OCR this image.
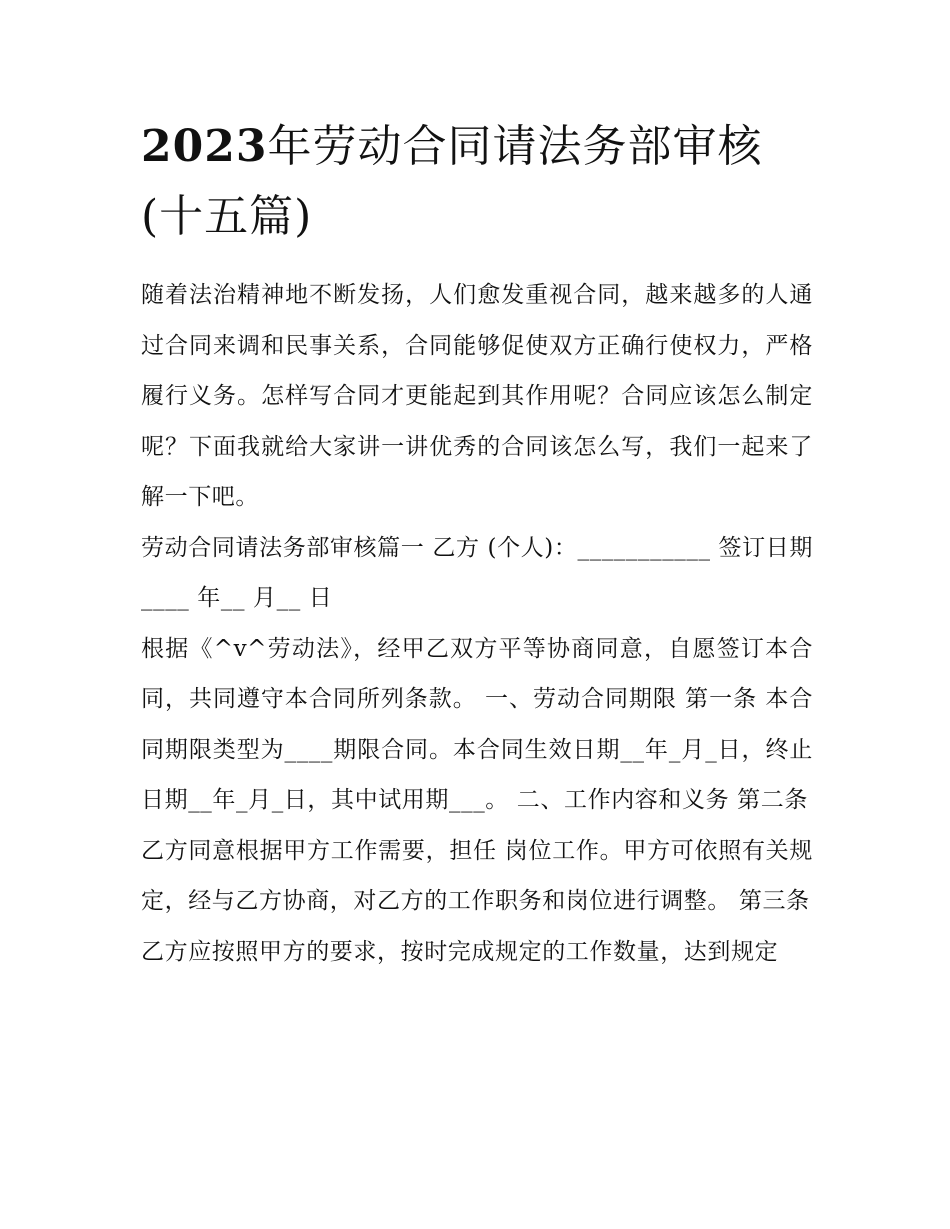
2023年劳动合同请法务部审核(十五篇)

随着法治精神地不断发扬，人们愈发重视合同，越来越多的人通过合同来调和民事关系，合同能够促使双方正确行使权力，严格履行义务。怎样写合同才更能起到其作用呢？合同应该怎么制定呢？下面我就给大家讲一讲优秀的合同该怎么写，我们一起来了解一下吧。

劳动合同请法务部审核篇一 乙方 (个人)：___________ 签订日期____ 年__ 月__ 日

根据《^v^劳动法》，经甲乙双方平等协商同意，自愿签订本合同，共同遵守本合同所列条款。 一、劳动合同期限 第一条 本合同期限类型为____期限合同。本合同生效日期__年_月_日，终止日期__年_月_日，其中试用期___。 二、工作内容和义务 第二条

乙方同意根据甲方工作需要，担任 岗位工作。甲方可依照有关规定，经与乙方协商，对乙方的工作职务和岗位进行调整。 第三条

乙方应按照甲方的要求，按时完成规定的工作数量，达到规定
